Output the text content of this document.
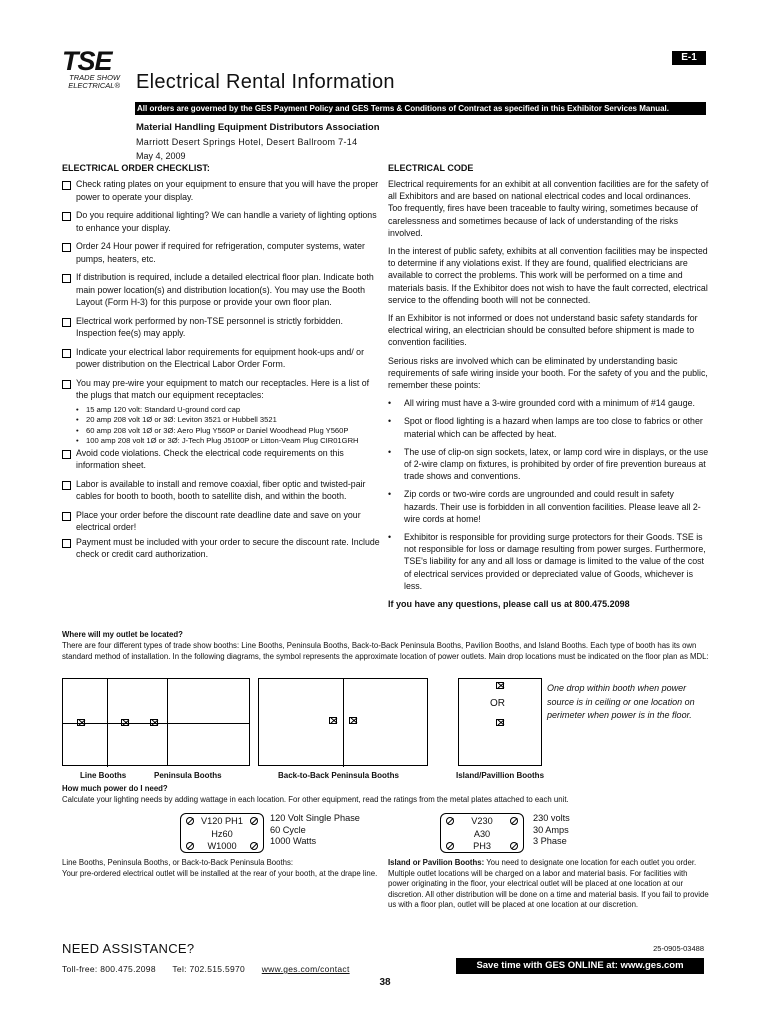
TSE
TRADE SHOW
ELECTRICAL®
E-1
Electrical Rental Information
All orders are governed by the GES Payment Policy and GES Terms & Conditions of Contract as specified in this Exhibitor Services Manual.
Material Handling Equipment Distributors Association
Marriott Desert Springs Hotel, Desert Ballroom 7-14
May 4, 2009
ELECTRICAL ORDER CHECKLIST:	ELECTRICAL CODE
Check rating plates on your equipment to ensure that you will have the proper power to operate your display.
Do you require additional lighting? We can handle a variety of lighting options to enhance your display.
Order 24 Hour power if required for refrigeration, computer systems, water pumps, heaters, etc.
If distribution is required, include a detailed electrical floor plan. Indicate both main power location(s) and distribution location(s). You may use the Booth Layout (Form H-3) for this purpose or provide your own floor plan.
Electrical work performed by non-TSE personnel is strictly forbidden. Inspection fee(s) may apply.
Indicate your electrical labor requirements for equipment hook-ups and/ or power distribution on the Electrical Labor Order Form.
You may pre-wire your equipment to match our receptacles. Here is a list of the plugs that match our equipment receptacles:
• 15 amp 120 volt: Standard U-ground cord cap
• 20 amp 208 volt 1Ø or 3Ø: Leviton 3521 or Hubbell 3521
• 60 amp 208 volt 1Ø or 3Ø: Aero Plug Y560P or Daniel Woodhead Plug Y560P
• 100 amp 208 volt 1Ø or 3Ø: J-Tech Plug J5100P or Litton-Veam Plug CIR01GRH
Avoid code violations. Check the electrical code requirements on this information sheet.
Labor is available to install and remove coaxial, fiber optic and twisted-pair cables for booth to booth, booth to satellite dish, and within the booth.
Place your order before the discount rate deadline date and save on your electrical order!
Payment must be included with your order to secure the discount rate. Include check or credit card authorization.

Electrical requirements for an exhibit at all convention facilities are for the safety of all Exhibitors and are based on national electrical codes and local ordinances.
Too frequently, fires have been traceable to faulty wiring, sometimes because of carelessness and sometimes because of lack of understanding of the risks involved.

In the interest of public safety, exhibits at all convention facilities may be inspected to determine if any violations exist. If they are found, qualified electricians are available to correct the problems. This work will be performed on a time and materials basis. If the Exhibitor does not wish to have the fault corrected, electrical service to the offending booth will not be connected.

If an Exhibitor is not informed or does not understand basic safety standards for electrical wiring, an electrician should be consulted before shipment is made to convention facilities.

Serious risks are involved which can be eliminated by understanding basic requirements of safe wiring inside your booth. For the safety of you and the public, remember these points:

•	All wiring must have a 3-wire grounded cord with a minimum of #14 gauge.
•	Spot or flood lighting is a hazard when lamps are too close to fabrics or other material which can be affected by heat.
•	The use of clip-on sign sockets, latex, or lamp cord wire in displays, or the use of 2-wire clamp on fixtures, is prohibited by order of fire prevention bureaus at trade shows and conventions.
•	Zip cords or two-wire cords are ungrounded and could result in safety hazards. Their use is forbidden in all convention facilities. Please leave all 2-wire cords at home!
•	Exhibitor is responsible for providing surge protectors for their Goods. TSE is not responsible for loss or damage resulting from power surges. Furthermore, TSE's liability for any and all loss or damage is limited to the value of the cost of electrical services provided or depreciated value of Goods, whichever is less.
If you have any questions, please call us at 800.475.2098
Where will my outlet be located?
There are four different types of trade show booths: Line Booths, Peninsula Booths, Back-to-Back Peninsula Booths, Pavilion Booths, and Island Booths. Each type of booth has its own standard method of installation. In the following diagrams, the symbol represents the approximate location of power outlets. Main drop locations must be indicated on the floor plan as MDL:
OR
One drop within booth when power source is in ceiling or one location on perimeter when power is in the floor.
Line Booths	Peninsula Booths	Back-to-Back Peninsula Booths	Island/Pavillion Booths
How much power do I need?
Calculate your lighting needs by adding wattage in each location. For other equipment, read the ratings from the metal plates attached to each unit.
V120 PH1
Hz60
W1000
120 Volt Single Phase
60 Cycle
1000 Watts
V230
A30
PH3
230 volts
30 Amps
3 Phase
Line Booths, Peninsula Booths, or Back-to-Back Peninsula Booths:
Your pre-ordered electrical outlet will be installed at the rear of your booth, at the drape line.
Island or Pavilion Booths: You need to designate one location for each outlet you order. Multiple outlet locations will be charged on a labor and material basis. For facilities with power originating in the floor, your electrical outlet will be placed at one location at our discretion. All other distribution will be done on a time and material basis. If you fail to provide us with a floor plan, outlet will be placed at one location at our discretion.
NEED ASSISTANCE?
Toll-free: 800.475.2098 Tel: 702.515.5970 www.ges.com/contact
25-0905-03488
Save time with GES ONLINE at: www.ges.com
38
